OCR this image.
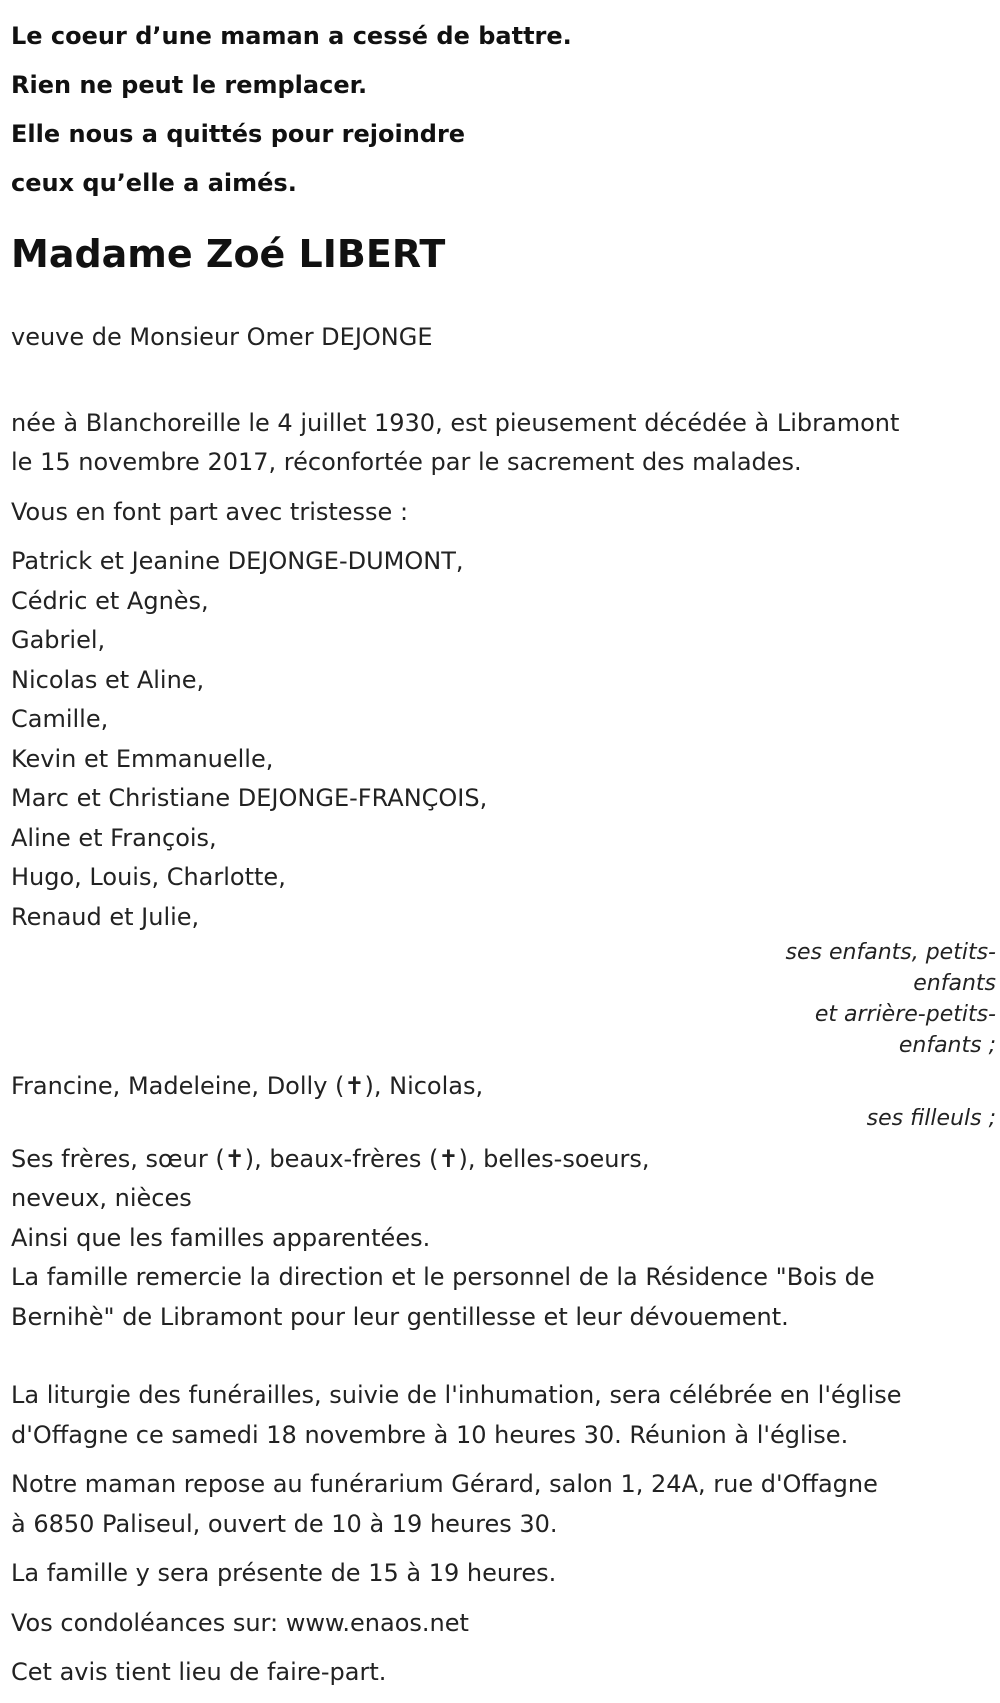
Le coeur d’une maman a cessé de battre.
Rien ne peut le remplacer.
Elle nous a quittés pour rejoindre
ceux qu’elle a aimés.
Madame Zoé LIBERT
veuve de Monsieur Omer DEJONGE
née à Blanchoreille le 4 juillet 1930, est pieusement décédée à Libramont
le 15 novembre 2017, réconfortée par le sacrement des malades.
Vous en font part avec tristesse :
Patrick et Jeanine DEJONGE-DUMONT,
Cédric et Agnès,
Gabriel,
Nicolas et Aline,
Camille,
Kevin et Emmanuelle,
Marc et Christiane DEJONGE-FRANÇOIS,
Aline et François,
Hugo, Louis, Charlotte,
Renaud et Julie,
ses enfants, petits-
enfants
et arrière-petits-
enfants ;
Francine, Madeleine, Dolly (✝), Nicolas,
ses filleuls ;
Ses frères, sœur (✝), beaux-frères (✝), belles-soeurs,
neveux, nièces
Ainsi que les familles apparentées.
La famille remercie la direction et le personnel de la Résidence "Bois de
Bernihè" de Libramont pour leur gentillesse et leur dévouement.
La liturgie des funérailles, suivie de l'inhumation, sera célébrée en l'église
d'Offagne ce samedi 18 novembre à 10 heures 30. Réunion à l'église.
Notre maman repose au funérarium Gérard, salon 1, 24A, rue d'Offagne
à 6850 Paliseul, ouvert de 10 à 19 heures 30.
La famille y sera présente de 15 à 19 heures.
Vos condoléances sur: www.enaos.net
Cet avis tient lieu de faire-part.
